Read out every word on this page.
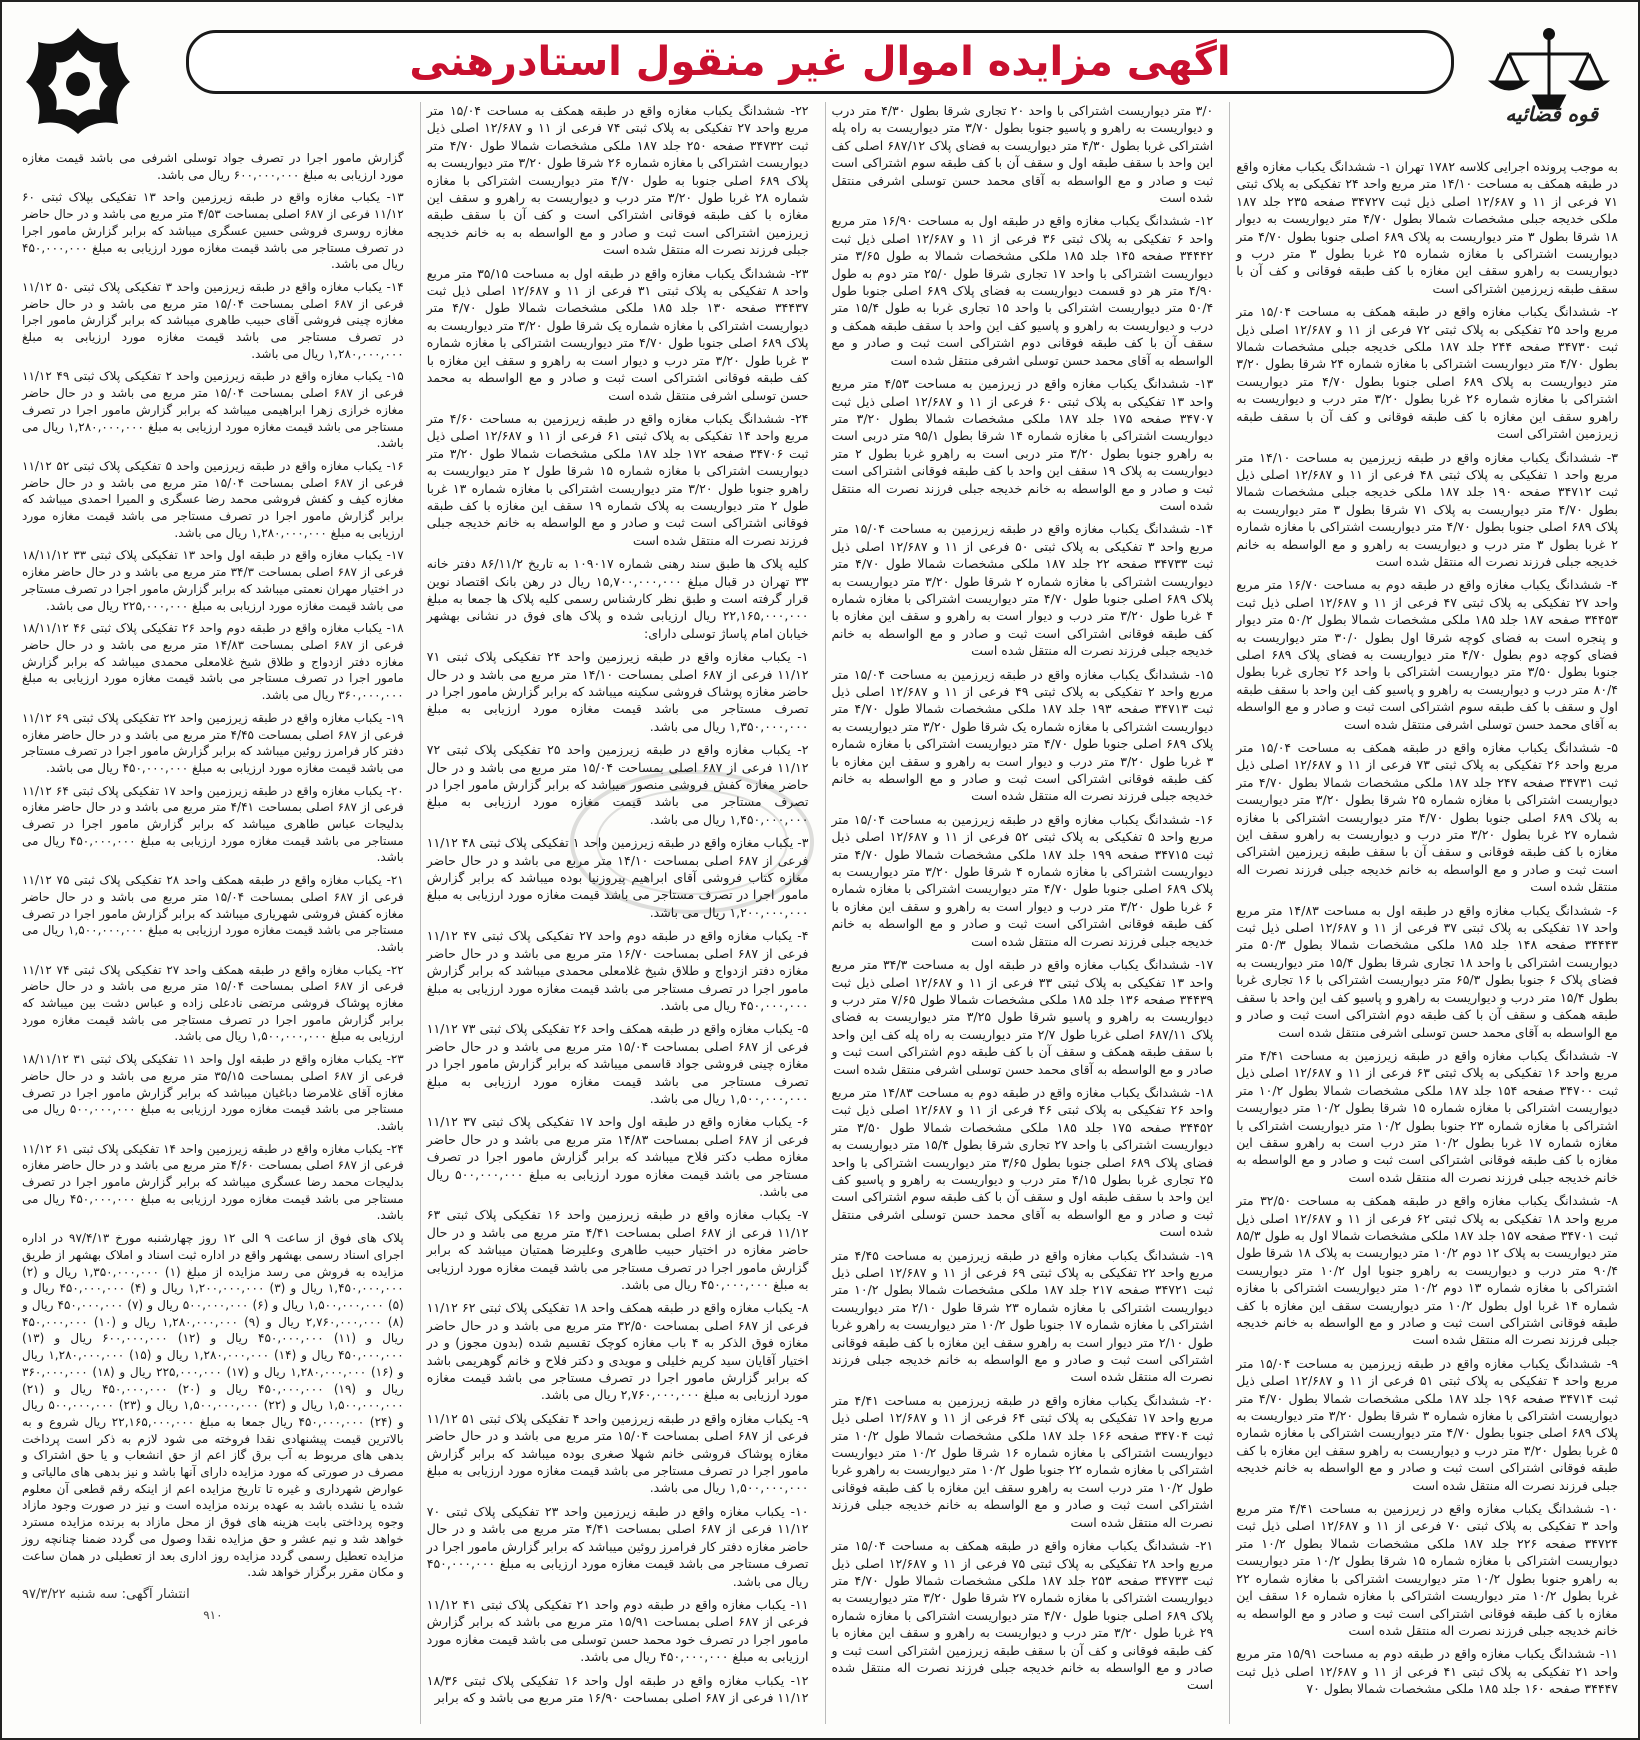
اگهی مزایده اموال غیر منقول استادرهنی
قوه قضائیه

به موجب پرونده اجرایی کلاسه ۱۷۸۲ تهران ۱- ششدانگ یکباب مغازه واقع در طبقه همکف به مساحت ۱۴/۱۰ متر مربع واحد ۲۴ تفکیکی به پلاک ثبتی ۷۱ فرعی از ۱۱ و ۱۲/۶۸۷ اصلی ذیل ثبت ۳۴۷۲۷ صفحه ۲۳۵ جلد ۱۸۷ ملکی خدیجه جبلی مشخصات شمالا بطول ۴/۷۰ متر دیواریست به دیوار ۱۸ شرقا بطول ۳ متر دیواریست به پلاک ۶۸۹ اصلی جنوبا بطول ۴/۷۰ متر دیواریست اشتراکی با مغازه شماره ۲۵ غربا بطول ۳ متر درب و دیواریست به راهرو سقف این مغازه با کف طبقه فوقانی و کف آن با سقف طبقه زیرزمین اشتراکی است

۲- ششدانگ یکباب مغازه واقع در طبقه همکف به مساحت ۱۵/۰۴ متر مربع واحد ۲۵ تفکیکی به پلاک ثبتی ۷۲ فرعی از ۱۱ و ۱۲/۶۸۷ اصلی ذیل ثبت ۳۴۷۳۰ صفحه ۲۴۴ جلد ۱۸۷ ملکی خدیجه جبلی مشخصات شمالا بطول ۴/۷۰ متر دیواریست اشتراکی با مغازه شماره ۲۴ شرقا بطول ۳/۲۰ متر دیواریست به پلاک ۶۸۹ اصلی جنوبا بطول ۴/۷۰ متر دیواریست اشتراکی با مغازه شماره ۲۶ غربا بطول ۳/۲۰ متر درب و دیواریست به راهرو سقف این مغازه با کف طبقه فوقانی و کف آن با سقف طبقه زیرزمین اشتراکی است

۳- ششدانگ یکباب مغازه واقع در طبقه زیرزمین به مساحت ۱۴/۱۰ متر مربع واحد ۱ تفکیکی به پلاک ثبتی ۴۸ فرعی از ۱۱ و ۱۲/۶۸۷ اصلی ذیل ثبت ۳۴۷۱۲ صفحه ۱۹۰ جلد ۱۸۷ ملکی خدیجه جبلی مشخصات شمالا بطول ۴/۷۰ متر دیواریست به پلاک ۷۱ شرقا بطول ۳ متر دیواریست به پلاک ۶۸۹ اصلی جنوبا بطول ۴/۷۰ متر دیواریست اشتراکی با مغازه شماره ۲ غربا بطول ۳ متر درب و دیواریست به راهرو و مع الواسطه به خانم خدیجه جبلی فرزند نصرت اله منتقل شده است

۴- ششدانگ یکباب مغازه واقع در طبقه دوم به مساحت ۱۶/۷۰ متر مربع واحد ۲۷ تفکیکی به پلاک ثبتی ۴۷ فرعی از ۱۱ و ۱۲/۶۸۷ اصلی ذیل ثبت ۳۴۴۵۳ صفحه ۱۸۷ جلد ۱۸۵ ملکی مشخصات شمالا بطول ۵۰/۲ متر دیوار و پنجره است به فضای کوچه شرقا اول بطول ۳۰/۰ متر دیواریست به فضای کوچه دوم بطول ۴/۷۰ متر دیواریست به فضای پلاک ۶۸۹ اصلی جنوبا بطول ۳/۵۰ متر دیواریست اشتراکی با واحد ۲۶ تجاری غربا بطول ۸۰/۴ متر درب و دیواریست به راهرو و پاسیو کف این واحد با سقف طبقه اول و سقف با کف طبقه سوم اشتراکی است ثبت و صادر و مع الواسطه به آقای محمد حسن توسلی اشرفی منتقل شده است

۵- ششدانگ یکباب مغازه واقع در طبقه همکف به مساحت ۱۵/۰۴ متر مربع واحد ۲۶ تفکیکی به پلاک ثبتی ۷۳ فرعی از ۱۱ و ۱۲/۶۸۷ اصلی ذیل ثبت ۳۴۷۳۱ صفحه ۲۴۷ جلد ۱۸۷ ملکی مشخصات شمالا بطول ۴/۷۰ متر دیواریست اشتراکی با مغازه شماره ۲۵ شرقا بطول ۳/۲۰ متر دیواریست به پلاک ۶۸۹ اصلی جنوبا بطول ۴/۷۰ متر دیواریست اشتراکی با مغازه شماره ۲۷ غربا بطول ۳/۲۰ متر درب و دیواریست به راهرو سقف این مغازه با کف طبقه فوقانی و سقف آن با سقف طبقه زیرزمین اشتراکی است ثبت و صادر و مع الواسطه به خانم خدیجه جبلی فرزند نصرت اله منتقل شده است

۶- ششدانگ یکباب مغازه واقع در طبقه اول به مساحت ۱۴/۸۳ متر مربع واحد ۱۷ تفکیکی به پلاک ثبتی ۳۷ فرعی از ۱۱ و ۱۲/۶۸۷ اصلی ذیل ثبت ۳۴۴۴۳ صفحه ۱۴۸ جلد ۱۸۵ ملکی مشخصات شمالا بطول ۵۰/۳ متر دیواریست اشتراکی با واحد ۱۸ تجاری شرقا بطول ۱۵/۴ متر دیواریست به فضای پلاک ۶ جنوبا بطول ۶۵/۳ متر دیواریست اشتراکی با ۱۶ تجاری غربا بطول ۱۵/۴ متر درب و دیواریست به راهرو و پاسیو کف این واحد با سقف طبقه همکف و سقف آن با کف طبقه دوم اشتراکی است ثبت و صادر و مع الواسطه به آقای محمد حسن توسلی اشرفی منتقل شده است

۷- ششدانگ یکباب مغازه واقع در طبقه زیرزمین به مساحت ۴/۴۱ متر مربع واحد ۱۶ تفکیکی به پلاک ثبتی ۶۳ فرعی از ۱۱ و ۱۲/۶۸۷ اصلی ذیل ثبت ۳۴۷۰۰ صفحه ۱۵۴ جلد ۱۸۷ ملکی مشخصات شمالا بطول ۱۰/۲ متر دیواریست اشتراکی با مغازه شماره ۱۵ شرقا بطول ۱۰/۲ متر دیواریست اشتراکی با مغازه شماره ۲۳ جنوبا بطول ۱۰/۲ متر دیواریست اشتراکی با مغازه شماره ۱۷ غربا بطول ۱۰/۲ متر درب است به راهرو سقف این مغازه با کف طبقه فوقانی اشتراکی است ثبت و صادر و مع الواسطه به خانم خدیجه جبلی فرزند نصرت اله منتقل شده است

۸- ششدانگ یکباب مغازه واقع در طبقه همکف به مساحت ۳۲/۵۰ متر مربع واحد ۱۸ تفکیکی به پلاک ثبتی ۶۲ فرعی از ۱۱ و ۱۲/۶۸۷ اصلی ذیل ثبت ۳۴۷۰۱ صفحه ۱۵۷ جلد ۱۸۷ ملکی مشخصات شمالا اول به طول ۸۵/۳ متر دیواریست به پلاک ۱۲ دوم ۱۰/۲ متر دیواریست به پلاک ۱۸ شرقا طول ۹۰/۴ متر درب و دیواریست به راهرو جنوبا اول ۱۰/۲ متر دیواریست اشتراکی با مغازه شماره ۱۳ دوم ۱۰/۲ متر دیواریست اشتراکی با مغازه شماره ۱۴ غربا اول بطول ۱۰/۲ متر دیواریست سقف این مغازه با کف طبقه فوقانی اشتراکی است ثبت و صادر و مع الواسطه به خانم خدیجه جبلی فرزند نصرت اله منتقل شده است

۹- ششدانگ یکباب مغازه واقع در طبقه زیرزمین به مساحت ۱۵/۰۴ متر مربع واحد ۴ تفکیکی به پلاک ثبتی ۵۱ فرعی از ۱۱ و ۱۲/۶۸۷ اصلی ذیل ثبت ۳۴۷۱۴ صفحه ۱۹۶ جلد ۱۸۷ ملکی مشخصات شمالا بطول ۴/۷۰ متر دیواریست اشتراکی با مغازه شماره ۳ شرقا بطول ۳/۲۰ متر دیواریست به پلاک ۶۸۹ اصلی جنوبا بطول ۴/۷۰ متر دیواریست اشتراکی با مغازه شماره ۵ غربا بطول ۳/۲۰ متر درب و دیواریست به راهرو سقف این مغازه با کف طبقه فوقانی اشتراکی است ثبت و صادر و مع الواسطه به خانم خدیجه جبلی فرزند نصرت اله منتقل شده است

۱۰- ششدانگ یکباب مغازه واقع در زیرزمین به مساحت ۴/۴۱ متر مربع واحد ۳ تفکیکی به پلاک ثبتی ۷۰ فرعی از ۱۱ و ۱۲/۶۸۷ اصلی ذیل ثبت ۳۴۷۲۴ صفحه ۲۲۶ جلد ۱۸۷ ملکی مشخصات شمالا بطول ۱۰/۲ متر دیواریست اشتراکی با مغازه شماره ۱۵ شرقا بطول ۱۰/۲ متر دیواریست به راهرو جنوبا بطول ۱۰/۲ متر دیواریست اشتراکی با مغازه شماره ۲۲ غربا بطول ۱۰/۲ متر دیواریست اشتراکی با مغازه شماره ۱۶ سقف این مغازه با کف طبقه فوقانی اشتراکی است ثبت و صادر و مع الواسطه به خانم خدیجه جبلی فرزند نصرت اله منتقل شده است

۱۱- ششدانگ یکباب مغازه واقع در طبقه دوم به مساحت ۱۵/۹۱ متر مربع واحد ۲۱ تفکیکی به پلاک ثبتی ۴۱ فرعی از ۱۱ و ۱۲/۶۸۷ اصلی ذیل ثبت ۳۴۴۴۷ صفحه ۱۶۰ جلد ۱۸۵ ملکی مشخصات شمالا بطول ۷۰

۳/۰ متر دیواریست اشتراکی با واحد ۲۰ تجاری شرقا بطول ۴/۳۰ متر درب و دیواریست به راهرو و پاسیو جنوبا بطول ۳/۷۰ متر دیواریست به راه پله اشتراکی غربا بطول ۴/۳۰ متر دیواریست به فضای پلاک ۶۸۷/۱۲ اصلی کف این واحد با سقف طبقه اول و سقف آن با کف طبقه سوم اشتراکی است ثبت و صادر و مع الواسطه به آقای محمد حسن توسلی اشرفی منتقل شده است

۱۲- ششدانگ یکباب مغازه واقع در طبقه اول به مساحت ۱۶/۹۰ متر مربع واحد ۶ تفکیکی به پلاک ثبتی ۳۶ فرعی از ۱۱ و ۱۲/۶۸۷ اصلی ذیل ثبت ۳۴۴۴۲ صفحه ۱۴۵ جلد ۱۸۵ ملکی مشخصات شمالا به طول ۳/۶۵ متر دیواریست اشتراکی با واحد ۱۷ تجاری شرقا طول ۲۵/۰ متر دوم به طول ۴/۹۰ متر هر دو قسمت دیواریست به فضای پلاک ۶۸۹ اصلی جنوبا طول ۵۰/۴ متر دیواریست اشتراکی با واحد ۱۵ تجاری غربا به طول ۱۵/۴ متر درب و دیواریست به راهرو و پاسیو کف این واحد با سقف طبقه همکف و سقف آن با کف طبقه فوقانی دوم اشتراکی است ثبت و صادر و مع الواسطه به آقای محمد حسن توسلی اشرفی منتقل شده است

۱۳- ششدانگ یکباب مغازه واقع در زیرزمین به مساحت ۴/۵۳ متر مربع واحد ۱۳ تفکیکی به پلاک ثبتی ۶۰ فرعی از ۱۱ و ۱۲/۶۸۷ اصلی ذیل ثبت ۳۴۷۰۷ صفحه ۱۷۵ جلد ۱۸۷ ملکی مشخصات شمالا بطول ۳/۲۰ متر دیواریست اشتراکی با مغازه شماره ۱۴ شرقا بطول ۹۵/۱ متر دربی است به راهرو جنوبا بطول ۳/۲۰ متر دربی است به راهرو غربا بطول ۲ متر دیواریست به پلاک ۱۹ سقف این واحد با کف طبقه فوقانی اشتراکی است ثبت و صادر و مع الواسطه به خانم خدیجه جبلی فرزند نصرت اله منتقل شده است

۱۴- ششدانگ یکباب مغازه واقع در طبقه زیرزمین به مساحت ۱۵/۰۴ متر مربع واحد ۳ تفکیکی به پلاک ثبتی ۵۰ فرعی از ۱۱ و ۱۲/۶۸۷ اصلی ذیل ثبت ۳۴۷۳۳ صفحه ۲۲ جلد ۱۸۷ ملکی مشخصات شمالا طول ۴/۷۰ متر دیواریست اشتراکی با مغازه شماره ۲ شرقا طول ۳/۲۰ متر دیواریست به پلاک ۶۸۹ اصلی جنوبا طول ۴/۷۰ متر دیواریست اشتراکی با مغازه شماره ۴ غربا طول ۳/۲۰ متر درب و دیوار است به راهرو و سقف این مغازه با کف طبقه فوقانی اشتراکی است ثبت و صادر و مع الواسطه به خانم خدیجه جبلی فرزند نصرت اله منتقل شده است

۱۵- ششدانگ یکباب مغازه واقع در طبقه زیرزمین به مساحت ۱۵/۰۴ متر مربع واحد ۲ تفکیکی به پلاک ثبتی ۴۹ فرعی از ۱۱ و ۱۲/۶۸۷ اصلی ذیل ثبت ۳۴۷۱۳ صفحه ۱۹۳ جلد ۱۸۷ ملکی مشخصات شمالا طول ۴/۷۰ متر دیواریست اشتراکی با مغازه شماره یک شرقا طول ۳/۲۰ متر دیواریست به پلاک ۶۸۹ اصلی جنوبا طول ۴/۷۰ متر دیواریست اشتراکی با مغازه شماره ۳ غربا طول ۳/۲۰ متر درب و دیوار است به راهرو و سقف این مغازه با کف طبقه فوقانی اشتراکی است ثبت و صادر و مع الواسطه به خانم خدیجه جبلی فرزند نصرت اله منتقل شده است

۱۶- ششدانگ یکباب مغازه واقع در طبقه زیرزمین به مساحت ۱۵/۰۴ متر مربع واحد ۵ تفکیکی به پلاک ثبتی ۵۲ فرعی از ۱۱ و ۱۲/۶۸۷ اصلی ذیل ثبت ۳۴۷۱۵ صفحه ۱۹۹ جلد ۱۸۷ ملکی مشخصات شمالا طول ۴/۷۰ متر دیواریست اشتراکی با مغازه شماره ۴ شرقا طول ۳/۲۰ متر دیواریست به پلاک ۶۸۹ اصلی جنوبا طول ۴/۷۰ متر دیواریست اشتراکی با مغازه شماره ۶ غربا طول ۳/۲۰ متر درب و دیوار است به راهرو و سقف این مغازه با کف طبقه فوقانی اشتراکی است ثبت و صادر و مع الواسطه به خانم خدیجه جبلی فرزند نصرت اله منتقل شده است

۱۷- ششدانگ یکباب مغازه واقع در طبقه اول به مساحت ۳۴/۳ متر مربع واحد ۱۳ تفکیکی به پلاک ثبتی ۳۳ فرعی از ۱۱ و ۱۲/۶۸۷ اصلی ذیل ثبت ۳۴۴۳۹ صفحه ۱۳۶ جلد ۱۸۵ ملکی مشخصات شمالا طول ۷/۶۵ متر درب و دیواریست به راهرو و پاسیو شرقا طول ۳/۲۵ متر دیواریست به فضای پلاک ۶۸۷/۱۱ اصلی غربا طول ۲/۷ متر دیواریست به راه پله کف این واحد با سقف طبقه همکف و سقف آن با کف طبقه دوم اشتراکی است ثبت و صادر و مع الواسطه به آقای محمد حسن توسلی اشرفی منتقل شده است

۱۸- ششدانگ یکباب مغازه واقع در طبقه دوم به مساحت ۱۴/۸۳ متر مربع واحد ۲۶ تفکیکی به پلاک ثبتی ۴۶ فرعی از ۱۱ و ۱۲/۶۸۷ اصلی ذیل ثبت ۳۴۴۵۲ صفحه ۱۷۵ جلد ۱۸۵ ملکی مشخصات شمالا طول ۳/۵۰ متر دیواریست اشتراکی با واحد ۲۷ تجاری شرقا بطول ۱۵/۴ متر دیواریست به فضای پلاک ۶۸۹ اصلی جنوبا بطول ۳/۶۵ متر دیواریست اشتراکی با واحد ۲۵ تجاری غربا بطول ۴/۱۵ متر درب و دیواریست به راهرو و پاسیو کف این واحد با سقف طبقه اول و سقف آن با کف طبقه سوم اشتراکی است ثبت و صادر و مع الواسطه به آقای محمد حسن توسلی اشرفی منتقل شده است

۱۹- ششدانگ یکباب مغازه واقع در طبقه زیرزمین به مساحت ۴/۴۵ متر مربع واحد ۲۲ تفکیکی به پلاک ثبتی ۶۹ فرعی از ۱۱ و ۱۲/۶۸۷ اصلی ذیل ثبت ۳۴۷۲۱ صفحه ۲۱۷ جلد ۱۸۷ ملکی مشخصات شمالا بطول ۱۰/۲ متر دیواریست اشتراکی با مغازه شماره ۲۳ شرقا طول ۲/۱۰ متر دیواریست اشتراکی با مغازه شماره ۱۷ جنوبا طول ۱۰/۲ متر دیواریست به راهرو غربا طول ۲/۱۰ متر دیوار است به راهرو سقف این مغازه با کف طبقه فوقانی اشتراکی است ثبت و صادر و مع الواسطه به خانم خدیجه جبلی فرزند نصرت اله منتقل شده است

۲۰- ششدانگ یکباب مغازه واقع در طبقه زیرزمین به مساحت ۴/۴۱ متر مربع واحد ۱۷ تفکیکی به پلاک ثبتی ۶۴ فرعی از ۱۱ و ۱۲/۶۸۷ اصلی ذیل ثبت ۳۴۷۰۴ صفحه ۱۶۶ جلد ۱۸۷ ملکی مشخصات شمالا طول ۱۰/۲ متر دیواریست اشتراکی با مغازه شماره ۱۶ شرقا طول ۱۰/۲ متر دیواریست اشتراکی با مغازه شماره ۲۲ جنوبا طول ۱۰/۲ متر دیواریست به راهرو غربا طول ۱۰/۲ متر درب است به راهرو سقف این مغازه با کف طبقه فوقانی اشتراکی است ثبت و صادر و مع الواسطه به خانم خدیجه جبلی فرزند نصرت اله منتقل شده است

۲۱- ششدانگ یکباب مغازه واقع در طبقه همکف به مساحت ۱۵/۰۴ متر مربع واحد ۲۸ تفکیکی به پلاک ثبتی ۷۵ فرعی از ۱۱ و ۱۲/۶۸۷ اصلی ذیل ثبت ۳۴۷۳۳ صفحه ۲۵۳ جلد ۱۸۷ ملکی مشخصات شمالا طول ۴/۷۰ متر دیواریست اشتراکی با مغازه شماره ۲۷ شرقا طول ۳/۲۰ متر دیواریست به پلاک ۶۸۹ اصلی جنوبا طول ۴/۷۰ متر دیواریست اشتراکی با مغازه شماره ۲۹ غربا طول ۳/۲۰ متر درب و دیواریست به راهرو و سقف این مغازه با کف طبقه فوقانی و کف آن با سقف طبقه زیرزمین اشتراکی است ثبت و صادر و مع الواسطه به خانم خدیجه جبلی فرزند نصرت اله منتقل شده است

۲۲- ششدانگ یکباب مغازه واقع در طبقه همکف به مساحت ۱۵/۰۴ متر مربع واحد ۲۷ تفکیکی به پلاک ثبتی ۷۴ فرعی از ۱۱ و ۱۲/۶۸۷ اصلی ذیل ثبت ۳۴۷۳۲ صفحه ۲۵۰ جلد ۱۸۷ ملکی مشخصات شمالا طول ۴/۷۰ متر دیواریست اشتراکی با مغازه شماره ۲۶ شرقا طول ۳/۲۰ متر دیواریست به پلاک ۶۸۹ اصلی جنوبا به طول ۴/۷۰ متر دیواریست اشتراکی با مغازه شماره ۲۸ غربا طول ۳/۲۰ متر درب و دیواریست به راهرو و سقف این مغازه با کف طبقه فوقانی اشتراکی است و کف آن با سقف طبقه زیرزمین اشتراکی است ثبت و صادر و مع الواسطه به به خانم خدیجه جبلی فرزند نصرت اله منتقل شده است

۲۳- ششدانگ یکباب مغازه واقع در طبقه اول به مساحت ۳۵/۱۵ متر مربع واحد ۸ تفکیکی به پلاک ثبتی ۳۱ فرعی از ۱۱ و ۱۲/۶۸۷ اصلی ذیل ثبت ۳۴۴۳۷ صفحه ۱۳۰ جلد ۱۸۵ ملکی مشخصات شمالا طول ۴/۷۰ متر دیواریست اشتراکی با مغازه شماره یک شرقا طول ۳/۲۰ متر دیواریست به پلاک ۶۸۹ اصلی جنوبا طول ۴/۷۰ متر دیواریست اشتراکی با مغازه شماره ۳ غربا طول ۳/۲۰ متر درب و دیوار است به راهرو و سقف این مغازه با کف طبقه فوقانی اشتراکی است ثبت و صادر و مع الواسطه به محمد حسن توسلی اشرفی منتقل شده است

۲۴- ششدانگ یکباب مغازه واقع در طبقه زیرزمین به مساحت ۴/۶۰ متر مربع واحد ۱۴ تفکیکی به پلاک ثبتی ۶۱ فرعی از ۱۱ و ۱۲/۶۸۷ اصلی ذیل ثبت ۳۴۷۰۶ صفحه ۱۷۲ جلد ۱۸۷ ملکی مشخصات شمالا طول ۳/۲۰ متر دیواریست اشتراکی با مغازه شماره ۱۵ شرقا طول ۲ متر دیواریست به راهرو جنوبا طول ۳/۲۰ متر دیواریست اشتراکی با مغازه شماره ۱۳ غربا طول ۲ متر دیواریست به پلاک شماره ۱۹ سقف این مغازه با کف طبقه فوقانی اشتراکی است ثبت و صادر و مع الواسطه به خانم خدیجه جبلی فرزند نصرت اله منتقل شده است

کلیه پلاک ها طبق سند رهنی شماره ۱۰۹۰۱۷ به تاریخ ۸۶/۱۱/۲ دفتر خانه ۳۳ تهران در قبال مبلغ ۱۵,۷۰۰,۰۰۰,۰۰۰ ریال در رهن بانک اقتصاد نوین قرار گرفته است و طبق نظر کارشناس رسمی کلیه پلاک ها جمعا به مبلغ ۲۲,۱۶۵,۰۰۰,۰۰۰ ریال ارزیابی شده و پلاک های فوق در نشانی بهشهر خیابان امام پاساژ توسلی دارای:

۱- یکباب مغازه واقع در طبقه زیرزمین واحد ۲۴ تفکیکی پلاک ثبتی ۷۱ ۱۱/۱۲ فرعی از ۶۸۷ اصلی بمساحت ۱۴/۱۰ متر مربع می باشد و در حال حاضر مغازه پوشاک فروشی سکینه میباشد که برابر گزارش مامور اجرا در تصرف مستاجر می باشد قیمت مغازه مورد ارزیابی به مبلغ ۱,۳۵۰,۰۰۰,۰۰۰ ریال می باشد.

۲- یکباب مغازه واقع در طبقه زیرزمین واحد ۲۵ تفکیکی پلاک ثبتی ۷۲ ۱۱/۱۲ فرعی از ۶۸۷ اصلی بمساحت ۱۵/۰۴ متر مربع می باشد و در حال حاضر مغازه کفش فروشی منصور میباشد که برابر گزارش مامور اجرا در تصرف مستاجر می باشد قیمت مغازه مورد ارزیابی به مبلغ ۱,۴۵۰,۰۰۰,۰۰۰ ریال می باشد.

۳- یکباب مغازه واقع در طبقه زیرزمین واحد ۱ تفکیکی پلاک ثبتی ۴۸ ۱۱/۱۲ فرعی از ۶۸۷ اصلی بمساحت ۱۴/۱۰ متر مربع می باشد و در حال حاضر مغازه کتاب فروشی آقای ابراهیم پیروزنیا بوده میباشد که برابر گزارش مامور اجرا در تصرف مستاجر می باشد قیمت مغازه مورد ارزیابی به مبلغ ۱,۲۰۰,۰۰۰,۰۰۰ ریال می باشد.

۴- یکباب مغازه واقع در طبقه دوم واحد ۲۷ تفکیکی پلاک ثبتی ۴۷ ۱۱/۱۲ فرعی از ۶۸۷ اصلی بمساحت ۱۶/۷۰ متر مربع می باشد و در حال حاضر مغازه دفتر ازدواج و طلاق شیخ غلامعلی محمدی میباشد که برابر گزارش مامور اجرا در تصرف مستاجر می باشد قیمت مغازه مورد ارزیابی به مبلغ ۴۵۰,۰۰۰,۰۰۰ ریال می باشد.

۵- یکباب مغازه واقع در طبقه همکف واحد ۲۶ تفکیکی پلاک ثبتی ۷۳ ۱۱/۱۲ فرعی از ۶۸۷ اصلی بمساحت ۱۵/۰۴ متر مربع می باشد و در حال حاضر مغازه چینی فروشی جواد قاسمی میباشد که برابر گزارش مامور اجرا در تصرف مستاجر می باشد قیمت مغازه مورد ارزیابی به مبلغ ۱,۵۰۰,۰۰۰,۰۰۰ ریال می باشد.

۶- یکباب مغازه واقع در طبقه اول واحد ۱۷ تفکیکی پلاک ثبتی ۳۷ ۱۱/۱۲ فرعی از ۶۸۷ اصلی بمساحت ۱۴/۸۳ متر مربع می باشد و در حال حاضر مغازه مطب دکتر فلاح میباشد که برابر گزارش مامور اجرا در تصرف مستاجر می باشد قیمت مغازه مورد ارزیابی به مبلغ ۵۰۰,۰۰۰,۰۰۰ ریال می باشد.

۷- یکباب مغازه واقع در طبقه زیرزمین واحد ۱۶ تفکیکی پلاک ثبتی ۶۳ ۱۱/۱۲ فرعی از ۶۸۷ اصلی بمساحت ۴/۴۱ متر مربع می باشد و در حال حاضر مغازه در اختیار حبیب طاهری وعلیرضا همتیان میباشد که برابر گزارش مامور اجرا در تصرف مستاجر می باشد قیمت مغازه مورد ارزیابی به مبلغ ۴۵۰,۰۰۰,۰۰۰ ریال می باشد.

۸- یکباب مغازه واقع در طبقه همکف واحد ۱۸ تفکیکی پلاک ثبتی ۶۲ ۱۱/۱۲ فرعی از ۶۸۷ اصلی بمساحت ۳۲/۵۰ متر مربع می باشد و در حال حاضر مغازه فوق الذکر به ۴ باب مغازه کوچک تقسیم شده (بدون مجوز) و در اختیار آقایان سید کریم خلیلی و مویدی و دکتر فلاح و خانم گوهریمی باشد که برابر گزارش مامور اجرا در تصرف مستاجر می باشد قیمت مغازه مورد ارزیابی به مبلغ ۲,۷۶۰,۰۰۰,۰۰۰ ریال می باشد.

۹- یکباب مغازه واقع در طبقه زیرزمین واحد ۴ تفکیکی پلاک ثبتی ۵۱ ۱۱/۱۲ فرعی از ۶۸۷ اصلی بمساحت ۱۵/۰۴ متر مربع می باشد و در حال حاضر مغازه پوشاک فروشی خانم شهلا صغری بوده میباشد که برابر گزارش مامور اجرا در تصرف مستاجر می باشد قیمت مغازه مورد ارزیابی به مبلغ ۱,۵۰۰,۰۰۰,۰۰۰ ریال می باشد.

۱۰- یکباب مغازه واقع در طبقه زیرزمین واحد ۲۳ تفکیکی پلاک ثبتی ۷۰ ۱۱/۱۲ فرعی از ۶۸۷ اصلی بمساحت ۴/۴۱ متر مربع می باشد و در حال حاضر مغازه دفتر کار فرامرز روئین میباشد که برابر گزارش مامور اجرا در تصرف مستاجر می باشد قیمت مغازه مورد ارزیابی به مبلغ ۴۵۰,۰۰۰,۰۰۰ ریال می باشد.

۱۱- یکباب مغازه واقع در طبقه دوم واحد ۲۱ تفکیکی پلاک ثبتی ۴۱ ۱۱/۱۲ فرعی از ۶۸۷ اصلی بمساحت ۱۵/۹۱ متر مربع می باشد که برابر گزارش مامور اجرا در تصرف خود محمد حسن توسلی می باشد قیمت مغازه مورد ارزیابی به مبلغ ۴۵۰,۰۰۰,۰۰۰ ریال می باشد.

۱۲- یکباب مغازه واقع در طبقه اول واحد ۱۶ تفکیکی پلاک ثبتی ۱۸/۳۶ ۱۱/۱۲ فرعی از ۶۸۷ اصلی بمساحت ۱۶/۹۰ متر مربع می باشد و که برابر

گزارش مامور اجرا در تصرف جواد توسلی اشرفی می باشد قیمت مغازه مورد ارزیابی به مبلغ ۶۰۰,۰۰۰,۰۰۰ ریال می باشد.

۱۳- یکباب مغازه واقع در طبقه زیرزمین واحد ۱۳ تفکیکی بپلاک ثبتی ۶۰ ۱۱/۱۲ فرعی از ۶۸۷ اصلی بمساحت ۴/۵۳ متر مربع می باشد و در حال حاضر مغازه روسری فروشی حسین عسگری میباشد که برابر گزارش مامور اجرا در تصرف مستاجر می باشد قیمت مغازه مورد ارزیابی به مبلغ ۴۵۰,۰۰۰,۰۰۰ ریال می باشد.

۱۴- یکباب مغازه واقع در طبقه زیرزمین واحد ۳ تفکیکی پلاک ثبتی ۵۰ ۱۱/۱۲ فرعی از ۶۸۷ اصلی بمساحت ۱۵/۰۴ متر مربع می باشد و در حال حاضر مغازه چینی فروشی آقای حبیب طاهری میباشد که برابر گزارش مامور اجرا در تصرف مستاجر می باشد قیمت مغازه مورد ارزیابی به مبلغ ۱,۲۸۰,۰۰۰,۰۰۰ ریال می باشد.

۱۵- یکباب مغازه واقع در طبقه زیرزمین واحد ۲ تفکیکی پلاک ثبتی ۴۹ ۱۱/۱۲ فرعی از ۶۸۷ اصلی بمساحت ۱۵/۰۴ متر مربع می باشد و در حال حاضر مغازه خرازی زهرا ابراهیمی میباشد که برابر گزارش مامور اجرا در تصرف مستاجر می باشد قیمت مغازه مورد ارزیابی به مبلغ ۱,۲۸۰,۰۰۰,۰۰۰ ریال می باشد.

۱۶- یکباب مغازه واقع در طبقه زیرزمین واحد ۵ تفکیکی پلاک ثبتی ۵۲ ۱۱/۱۲ فرعی از ۶۸۷ اصلی بمساحت ۱۵/۰۴ متر مربع می باشد و در حال حاضر مغازه کیف و کفش فروشی محمد رضا عسگری و المیرا احمدی میباشد که برابر گزارش مامور اجرا در تصرف مستاجر می باشد قیمت مغازه مورد ارزیابی به مبلغ ۱,۲۸۰,۰۰۰,۰۰۰ ریال می باشد.

۱۷- یکباب مغازه واقع در طبقه اول واحد ۱۳ تفکیکی پلاک ثبتی ۳۳ ۱۸/۱۱/۱۲ فرعی از ۶۸۷ اصلی بمساحت ۳۴/۳ متر مربع می باشد و در حال حاضر مغازه در اختیار مهران نعمتی میباشد که برابر گزارش مامور اجرا در تصرف مستاجر می باشد قیمت مغازه مورد ارزیابی به مبلغ ۲۲۵,۰۰۰,۰۰۰ ریال می باشد.

۱۸- یکباب مغازه واقع در طبقه دوم واحد ۲۶ تفکیکی پلاک ثبتی ۴۶ ۱۸/۱۱/۱۲ فرعی از ۶۸۷ اصلی بمساحت ۱۴/۸۳ متر مربع می باشد و در حال حاضر مغازه دفتر ازدواج و طلاق شیخ غلامعلی محمدی میباشد که برابر گزارش مامور اجرا در تصرف مستاجر می باشد قیمت مغازه مورد ارزیابی به مبلغ ۳۶۰,۰۰۰,۰۰۰ ریال می باشد.

۱۹- یکباب مغازه واقع در طبقه زیرزمین واحد ۲۲ تفکیکی پلاک ثبتی ۶۹ ۱۱/۱۲ فرعی از ۶۸۷ اصلی بمساحت ۴/۴۵ متر مربع می باشد و در حال حاضر مغازه دفتر کار فرامرز روئین میباشد که برابر گزارش مامور اجرا در تصرف مستاجر می باشد قیمت مغازه مورد ارزیابی به مبلغ ۴۵۰,۰۰۰,۰۰۰ ریال می باشد.

۲۰- یکباب مغازه واقع در طبقه زیرزمین واحد ۱۷ تفکیکی پلاک ثبتی ۶۴ ۱۱/۱۲ فرعی از ۶۸۷ اصلی بمساحت ۴/۴۱ متر مربع می باشد و در حال حاضر مغازه بدلیجات عباس طاهری میباشد که برابر گزارش مامور اجرا در تصرف مستاجر می باشد قیمت مغازه مورد ارزیابی به مبلغ ۴۵۰,۰۰۰,۰۰۰ ریال می باشد.

۲۱- یکباب مغازه واقع در طبقه همکف واحد ۲۸ تفکیکی پلاک ثبتی ۷۵ ۱۱/۱۲ فرعی از ۶۸۷ اصلی بمساحت ۱۵/۰۴ متر مربع می باشد و در حال حاضر مغازه کفش فروشی شهریاری میباشد که برابر گزارش مامور اجرا در تصرف مستاجر می باشد قیمت مغازه مورد ارزیابی به مبلغ ۱,۵۰۰,۰۰۰,۰۰۰ ریال می باشد.

۲۲- یکباب مغازه واقع در طبقه همکف واحد ۲۷ تفکیکی پلاک ثبتی ۷۴ ۱۱/۱۲ فرعی از ۶۸۷ اصلی بمساحت ۱۵/۰۴ متر مربع می باشد و در حال حاضر مغازه پوشاک فروشی مرتضی نادعلی زاده و عباس دشت بین میباشد که برابر گزارش مامور اجرا در تصرف مستاجر می باشد قیمت مغازه مورد ارزیابی به مبلغ ۱,۵۰۰,۰۰۰,۰۰۰ ریال می باشد.

۲۳- یکباب مغازه واقع در طبقه اول واحد ۱۱ تفکیکی پلاک ثبتی ۳۱ ۱۸/۱۱/۱۲ فرعی از ۶۸۷ اصلی بمساحت ۳۵/۱۵ متر مربع می باشد و در حال حاضر مغازه آقای غلامرضا دباغیان میباشد که برابر گزارش مامور اجرا در تصرف مستاجر می باشد قیمت مغازه مورد ارزیابی به مبلغ ۵۰۰,۰۰۰,۰۰۰ ریال می باشد.

۲۴- یکباب مغازه واقع در طبقه زیرزمین واحد ۱۴ تفکیکی پلاک ثبتی ۶۱ ۱۱/۱۲ فرعی از ۶۸۷ اصلی بمساحت ۴/۶۰ متر مربع می باشد و در حال حاضر مغازه بدلیجات محمد رضا عسگری میباشد که برابر گزارش مامور اجرا در تصرف مستاجر می باشد قیمت مغازه مورد ارزیابی به مبلغ ۴۵۰,۰۰۰,۰۰۰ ریال می باشد.

پلاک های فوق از ساعت ۹ الی ۱۲ روز چهارشنبه مورخ ۹۷/۴/۱۳ در اداره اجرای اسناد رسمی بهشهر واقع در اداره ثبت اسناد و املاک بهشهر از طریق مزایده به فروش می رسد مزایده از مبلغ (۱) ۱,۳۵۰,۰۰۰,۰۰۰ ریال و (۲) ۱,۴۵۰,۰۰۰,۰۰۰ ریال و (۳) ۱,۲۰۰,۰۰۰,۰۰۰ ریال و (۴) ۴۵۰,۰۰۰,۰۰۰ ریال و (۵) ۱,۵۰۰,۰۰۰,۰۰۰ ریال و (۶) ۵۰۰,۰۰۰,۰۰۰ ریال و (۷) ۴۵۰,۰۰۰,۰۰۰ ریال و (۸) ۲,۷۶۰,۰۰۰,۰۰۰ ریال و (۹) ۱,۲۸۰,۰۰۰,۰۰۰ ریال و (۱۰) ۴۵۰,۰۰۰,۰۰۰ ریال و (۱۱) ۴۵۰,۰۰۰,۰۰۰ ریال و (۱۲) ۶۰۰,۰۰۰,۰۰۰ ریال و (۱۳) ۴۵۰,۰۰۰,۰۰۰ ریال و (۱۴) ۱,۲۸۰,۰۰۰,۰۰۰ ریال و (۱۵) ۱,۲۸۰,۰۰۰,۰۰۰ ریال و (۱۶) ۱,۲۸۰,۰۰۰,۰۰۰ ریال و (۱۷) ۲۲۵,۰۰۰,۰۰۰ ریال و (۱۸) ۳۶۰,۰۰۰,۰۰۰ ریال و (۱۹) ۴۵۰,۰۰۰,۰۰۰ ریال و (۲۰) ۴۵۰,۰۰۰,۰۰۰ ریال و (۲۱) ۱,۵۰۰,۰۰۰,۰۰۰ ریال و (۲۲) ۱,۵۰۰,۰۰۰,۰۰۰ ریال و (۲۳) ۵۰۰,۰۰۰,۰۰۰ ریال و (۲۴) ۴۵۰,۰۰۰,۰۰۰ ریال جمعا به مبلغ ۲۲,۱۶۵,۰۰۰,۰۰۰ ریال شروع و به بالاترین قیمت پیشنهادی نقدا فروخته می شود لازم به ذکر است پرداخت بدهی های مربوط به آب برق گاز اعم از حق انشعاب و یا حق اشتراک و مصرف در صورتی که مورد مزایده دارای آنها باشد و نیز بدهی های مالیاتی و عوارض شهرداری و غیره تا تاریخ مزایده اعم از اینکه رقم قطعی آن معلوم شده یا نشده باشد به عهده برنده مزایده است و نیز در صورت وجود مازاد وجوه پرداختی بابت هزینه های فوق از محل مازاد به برنده مزایده مسترد خواهد شد و نیم عشر و حق مزایده نقدا وصول می گردد ضمنا چنانچه روز مزایده تعطیل رسمی گردد مزایده روز اداری بعد از تعطیلی در همان ساعت و مکان مقرر برگزار خواهد شد.

انتشار آگهی: سه شنبه ۹۷/۳/۲۲
۹۱۰
